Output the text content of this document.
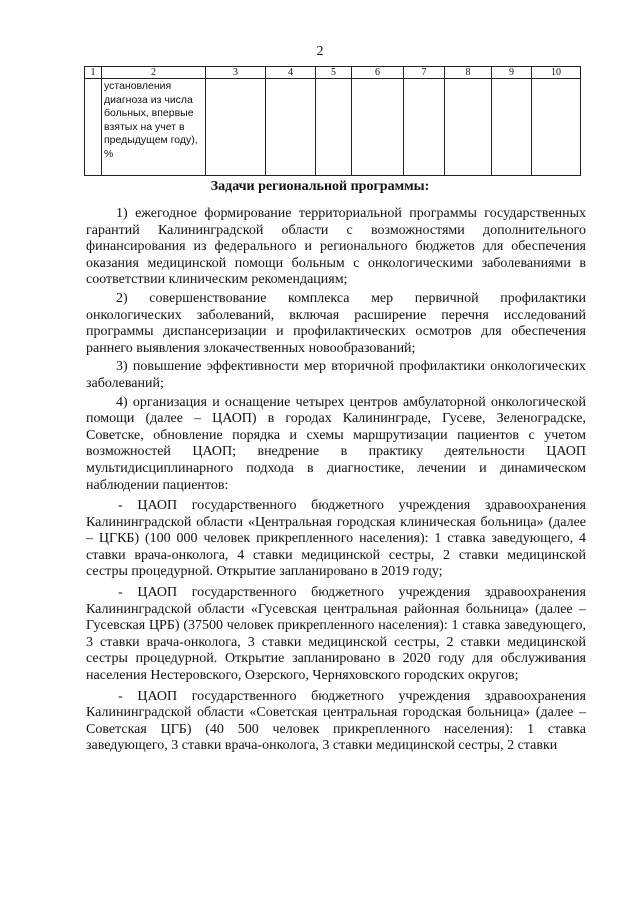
2
1	2	3	4	5	6	7	8	9	10

	установления диагноза из числа больных, впервые взятых на учет в предыдущем году), %								

Задачи региональной программы:

1) ежегодное формирование территориальной программы государственных гарантий Калининградской области с возможностями дополнительного финансирования из федерального и регионального бюджетов для обеспечения оказания медицинской помощи больным с онкологическими заболеваниями в соответствии клиническим рекомендациям;

2) совершенствование комплекса мер первичной профилактики онкологических заболеваний, включая расширение перечня исследований программы диспансеризации и профилактических осмотров для обеспечения раннего выявления злокачественных новообразований;

3) повышение эффективности мер вторичной профилактики онкологических заболеваний;

4) организация и оснащение четырех центров амбулаторной онкологической помощи (далее – ЦАОП) в городах Калининграде, Гусеве, Зеленоградске, Советске, обновление порядка и схемы маршрутизации пациентов с учетом возможностей ЦАОП; внедрение в практику деятельности ЦАОП мультидисциплинарного подхода в диагностике, лечении и динамическом наблюдении пациентов:

- ЦАОП государственного бюджетного учреждения здравоохранения Калининградской области «Центральная городская клиническая больница» (далее – ЦГКБ) (100 000 человек прикрепленного населения): 1 ставка заведующего, 4 ставки врача-онколога, 4 ставки медицинской сестры, 2 ставки медицинской сестры процедурной. Открытие запланировано в 2019 году;

- ЦАОП государственного бюджетного учреждения здравоохранения Калининградской области «Гусевская центральная районная больница» (далее – Гусевская ЦРБ) (37500 человек прикрепленного населения): 1 ставка заведующего, 3 ставки врача-онколога, 3 ставки медицинской сестры, 2 ставки медицинской сестры процедурной. Открытие запланировано в 2020 году для обслуживания населения Нестеровского, Озерского, Черняховского городских округов;

- ЦАОП государственного бюджетного учреждения здравоохранения Калининградской области «Советская центральная городская больница» (далее – Советская ЦГБ) (40 500 человек прикрепленного населения): 1 ставка заведующего, 3 ставки врача-онколога, 3 ставки медицинской сестры, 2 ставки
